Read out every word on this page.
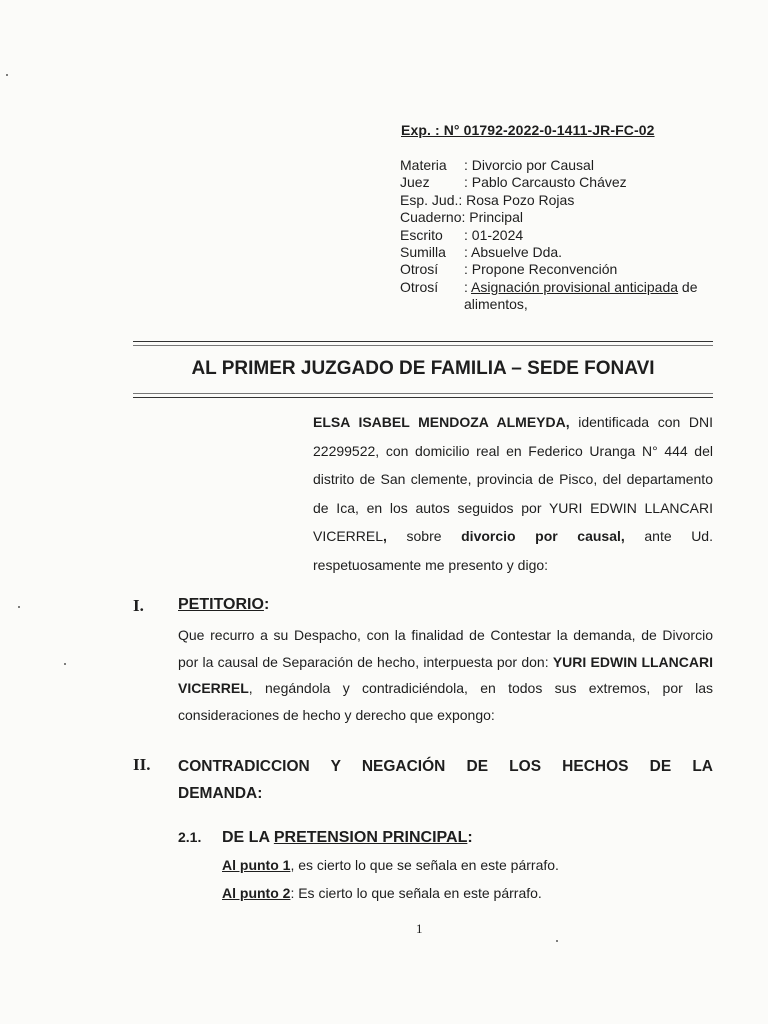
Exp. : N° 01792-2022-0-1411-JR-FC-02
Materia	: Divorcio por Causal
Juez	: Pablo Carcausto Chávez
Esp. Jud. : Rosa Pozo Rojas
Cuaderno : Principal
Escrito	: 01-2024
Sumilla	: Absuelve Dda.
Otrosí	: Propone Reconvención
Otrosí	: Asignación provisional anticipada de alimentos,
AL PRIMER JUZGADO DE FAMILIA – SEDE FONAVI

ELSA ISABEL MENDOZA ALMEYDA, identificada con DNI 22299522, con domicilio real en Federico Uranga N° 444 del distrito de San clemente, provincia de Pisco, del departamento de Ica, en los autos seguidos por YURI EDWIN LLANCARI VICERREL, sobre divorcio por causal, ante Ud. respetuosamente me presento y digo:

I. PETITORIO:

Que recurro a su Despacho, con la finalidad de Contestar la demanda, de Divorcio por la causal de Separación de hecho, interpuesta por don: YURI EDWIN LLANCARI VICERREL, negándola y contradiciéndola, en todos sus extremos, por las consideraciones de hecho y derecho que expongo:

II. CONTRADICCION Y NEGACIÓN DE LOS HECHOS DE LA DEMANDA:
2.1. DE LA PRETENSION PRINCIPAL:
Al punto 1, es cierto lo que se señala en este párrafo.
Al punto 2: Es cierto lo que señala en este párrafo.
1
